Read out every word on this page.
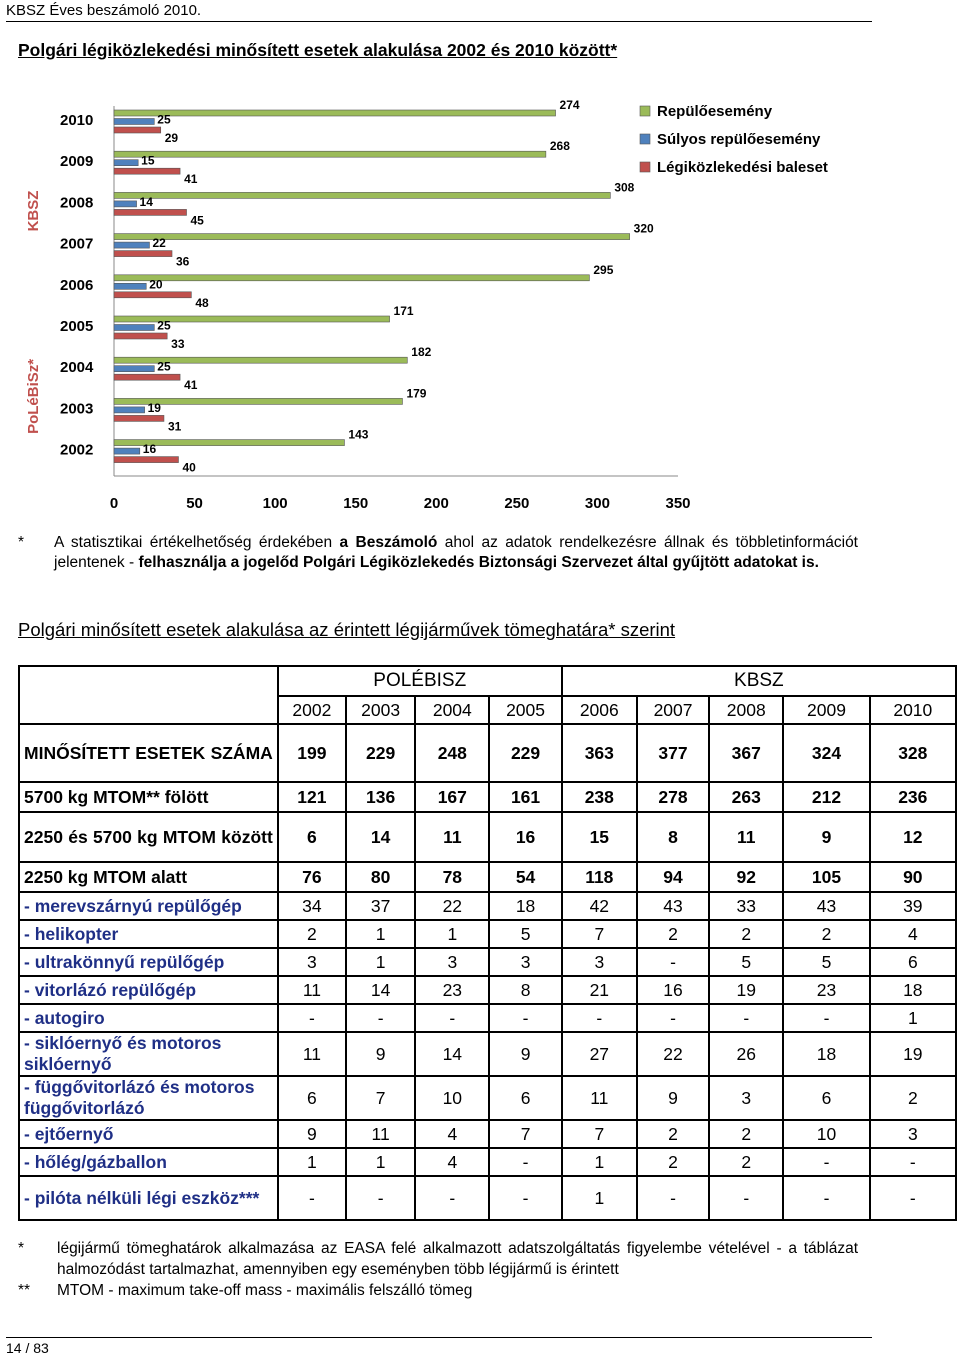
KBSZ Éves beszámoló 2010.
Polgári légiközlekedési minősített esetek alakulása 2002 és 2010 között*
0	50	100	150	200	250	300	350
2010
274
25
29
2009
268
15
41
2008
308
14
45
2007
320
22
36
2006
295
20
48
2005
171
25
33
2004
182
25
41
2003
179
19
31
2002
143
16
40
KBSZ
PoLéBiSz*
Repülőesemény
Súlyos repülőesemény
Légiközlekedési baleset
* A statisztikai értékelhetőség érdekében a Beszámoló ahol az adatok rendelkezésre állnak és többletinformációt jelentenek - felhasználja a jogelőd Polgári Légiközlekedés Biztonsági Szervezet által gyűjtött adatokat is.
Polgári minősített esetek alakulása az érintett légijárművek tömeghatára* szerint
	POLÉBISZ				KBSZ				
	2002	2003	2004	2005	2006	2007	2008	2009	2010

MINŐSÍTETT ESETEK SZÁMA	199	229	248	229	363	377	367	324	328
5700 kg MTOM** fölött	121	136	167	161	238	278	263	212	236

2250 és 5700 kg MTOM között	6	14	11	16	15	8	11	9	12
2250 kg MTOM alatt	76	80	78	54	118	94	92	105	90
- merevszárnyú repülőgép	34	37	22	18	42	43	33	43	39
- helikopter	2	1	1	5	7	2	2	2	4
- ultrakönnyű repülőgép	3	1	3	3	3	-	5	5	6
- vitorlázó repülőgép	11	14	23	8	21	16	19	23	18
- autogiro	-	-	-	-	-	-	-	-	1
- siklóernyő és motoros siklóernyő	11	9	14	9	27	22	26	18	19
- függővitorlázó és motoros függővitorlázó	6	7	10	6	11	9	3	6	2
- ejtőernyő	9	11	4	7	7	2	2	10	3
- hőlég/gázballon	1	1	4	-	1	2	2	-	-
- pilóta nélküli légi eszköz***	-	-	-	-	1	-	-	-	-
* légijármű tömeghatárok alkalmazása az EASA felé alkalmazott adatszolgáltatás figyelembe vételével - a táblázat halmozódást tartalmazhat, amennyiben egy eseményben több légijármű is érintett
** MTOM - maximum take-off mass - maximális felszálló tömeg
14 / 83
